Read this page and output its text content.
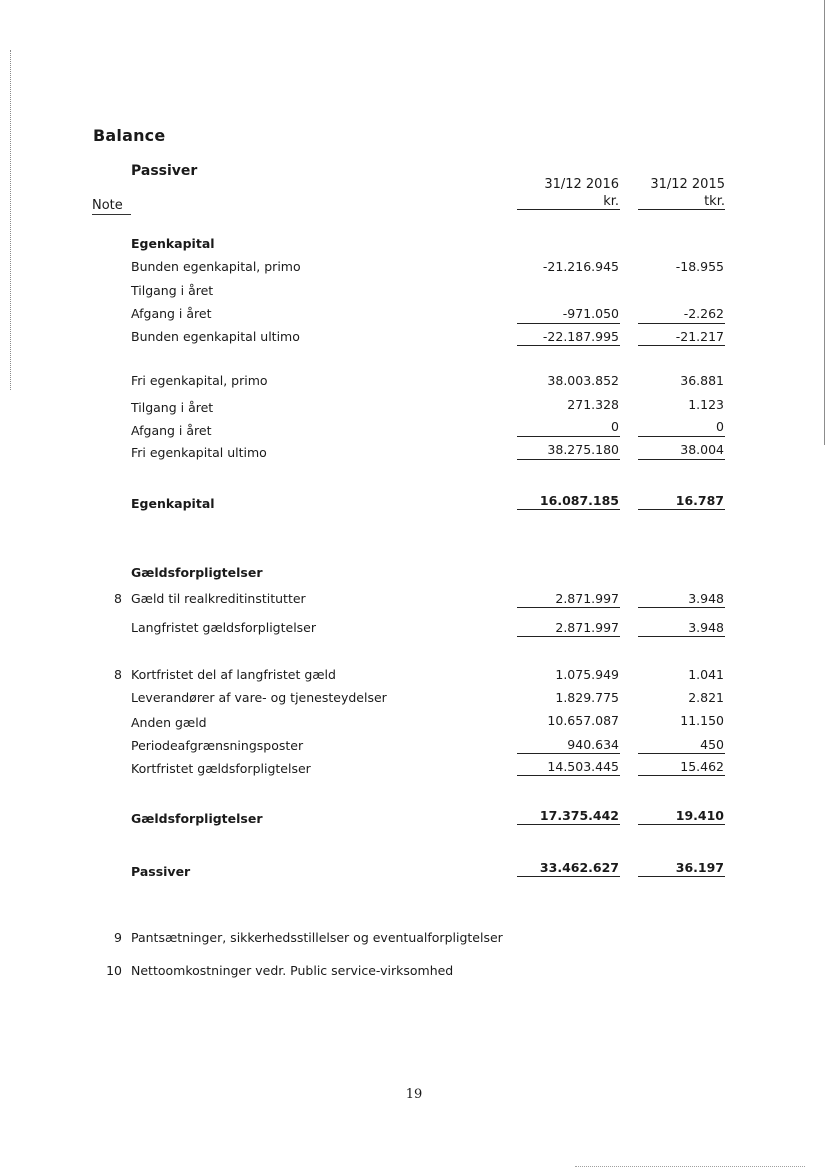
Balance
Passiver
31/12 2016
kr.
31/12 2015
tkr.
Note
Egenkapital
Bunden egenkapital, primo	-21.216.945	-18.955
Tilgang i året
Afgang i året	-971.050	-2.262
Bunden egenkapital ultimo	-22.187.995	-21.217
Fri egenkapital, primo	38.003.852	36.881
Tilgang i året	271.328	1.123
Afgang i året	0	0
Fri egenkapital ultimo	38.275.180	38.004
Egenkapital	16.087.185	16.787
Gældsforpligtelser
8 Gæld til realkreditinstitutter	2.871.997	3.948
Langfristet gældsforpligtelser	2.871.997	3.948
8 Kortfristet del af langfristet gæld	1.075.949	1.041
Leverandører af vare- og tjenesteydelser	1.829.775	2.821
Anden gæld	10.657.087	11.150
Periodeafgrænsningsposter	940.634	450
Kortfristet gældsforpligtelser	14.503.445	15.462
Gældsforpligtelser	17.375.442	19.410
Passiver	33.462.627	36.197
9 Pantsætninger, sikkerhedsstillelser og eventualforpligtelser
10 Nettoomkostninger vedr. Public service-virksomhed
19
